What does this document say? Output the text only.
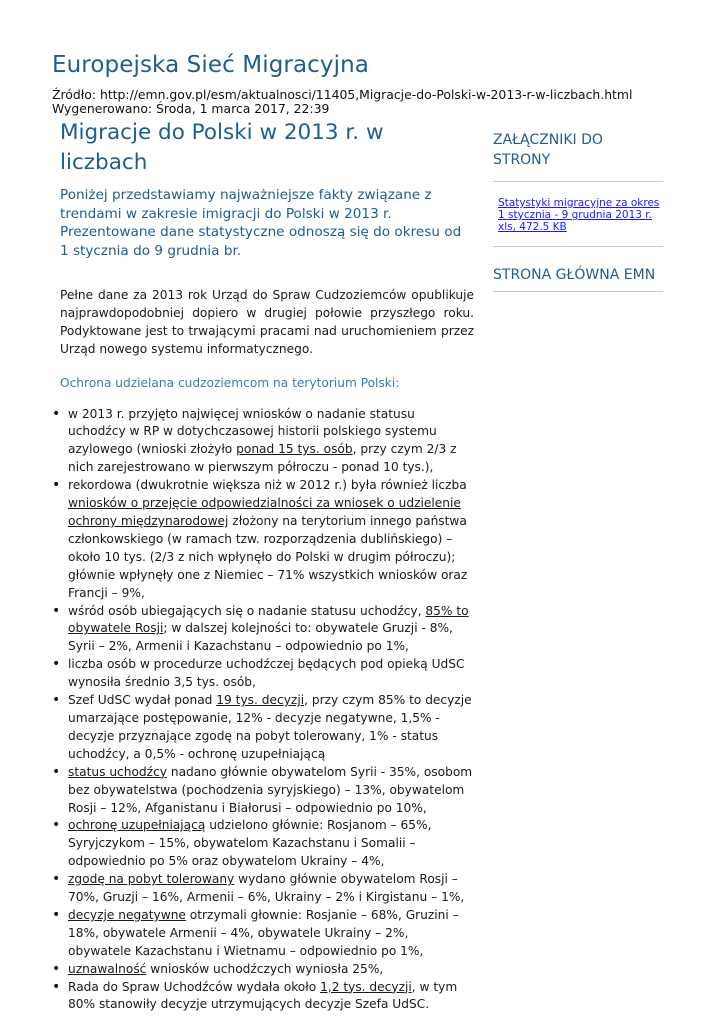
Europejska Sieć Migracyjna
Źródło: http://emn.gov.pl/esm/aktualnosci/11405,Migracje-do-Polski-w-2013-r-w-liczbach.html
Wygenerowano: Środa, 1 marca 2017, 22:39
Migracje do Polski w 2013 r. w liczbach

Poniżej przedstawiamy najważniejsze fakty związane z trendami w zakresie imigracji do Polski w 2013 r. Prezentowane dane statystyczne odnoszą się do okresu od 1 stycznia do 9 grudnia br.

Pełne dane za 2013 rok Urząd do Spraw Cudzoziemców opublikuje najprawdopodobniej dopiero w drugiej połowie przyszłego roku. Podyktowane jest to trwającymi pracami nad uruchomieniem przez Urząd nowego systemu informatycznego.

Ochrona udzielana cudzoziemcom na terytorium Polski:
• w 2013 r. przyjęto najwięcej wniosków o nadanie statusu uchodźcy w RP w dotychczasowej historii polskiego systemu azylowego (wnioski złożyło ponad 15 tys. osób, przy czym 2/3 z nich zarejestrowano w pierwszym półroczu - ponad 10 tys.),
• rekordowa (dwukrotnie większa niż w 2012 r.) była również liczba wniosków o przejęcie odpowiedzialności za wniosek o udzielenie ochrony międzynarodowej złożony na terytorium innego państwa członkowskiego (w ramach tzw. rozporządzenia dublińskiego) – około 10 tys. (2/3 z nich wpłynęło do Polski w drugim półroczu); głównie wpłynęły one z Niemiec – 71% wszystkich wniosków oraz Francji – 9%,
• wśród osób ubiegających się o nadanie statusu uchodźcy, 85% to obywatele Rosji; w dalszej kolejności to: obywatele Gruzji - 8%, Syrii – 2%, Armenii i Kazachstanu – odpowiednio po 1%,
• liczba osób w procedurze uchodźczej będących pod opieką UdSC wynosiła średnio 3,5 tys. osób,
• Szef UdSC wydał ponad 19 tys. decyzji, przy czym 85% to decyzje umarzające postępowanie, 12% - decyzje negatywne, 1,5% - decyzje przyznające zgodę na pobyt tolerowany, 1% - status uchodźcy, a 0,5% - ochronę uzupełniającą
• status uchodźcy nadano głównie obywatelom Syrii - 35%, osobom bez obywatelstwa (pochodzenia syryjskiego) – 13%, obywatelom Rosji – 12%, Afganistanu i Białorusi – odpowiednio po 10%,
• ochronę uzupełniającą udzielono głównie: Rosjanom – 65%, Syryjczykom – 15%, obywatelom Kazachstanu i Somalii – odpowiednio po 5% oraz obywatelom Ukrainy – 4%,
• zgodę na pobyt tolerowany wydano głównie obywatelom Rosji – 70%, Gruzji – 16%, Armenii – 6%, Ukrainy – 2% i Kirgistanu – 1%,
• decyzje negatywne otrzymali głownie: Rosjanie – 68%, Gruzini – 18%, obywatele Armenii – 4%, obywatele Ukrainy – 2%, obywatele Kazachstanu i Wietnamu – odpowiednio po 1%,
• uznawalność wniosków uchodźczych wyniosła 25%,
• Rada do Spraw Uchodźców wydała około 1,2 tys. decyzji, w tym 80% stanowiły decyzje utrzymujących decyzje Szefa UdSC.
ZAŁĄCZNIKI DO STRONY
Statystyki migracyjne za okres 1 stycznia - 9 grudnia 2013 r. xls, 472.5 KB
STRONA GŁÓWNA EMN
